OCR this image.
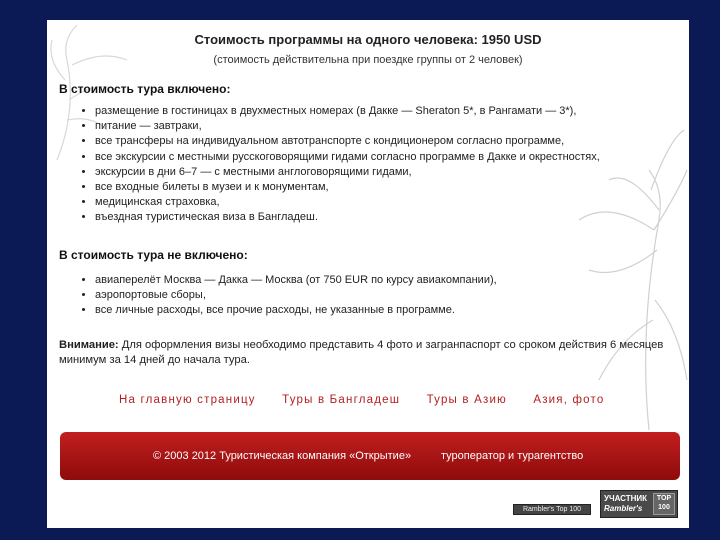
Стоимость программы на одного человека: 1950 USD
(стоимость действительна при поездке группы от 2 человек)
В стоимость тура включено:
• размещение в гостиницах в двухместных номерах (в Дакке — Sheraton 5*, в Рангамати — 3*),
• питание — завтраки,
• все трансферы на индивидуальном автотранспорте с кондиционером согласно программе,
• все экскурсии с местными русскоговорящими гидами согласно программе в Дакке и окрестностях,
• экскурсии в дни 6–7 — с местными англоговорящими гидами,
• все входные билеты в музеи и к монументам,
• медицинская страховка,
• въездная туристическая виза в Бангладеш.
В стоимость тура не включено:
• авиаперелёт Москва — Дакка — Москва (от 750 EUR по курсу авиакомпании),
• аэропортовые сборы,
• все личные расходы, все прочие расходы, не указанные в программе.
Внимание: Для оформления визы необходимо представить 4 фото и загранпаспорт со сроком действия 6 месяцев минимум за 14 дней до начала тура.
На главную страницу Туры в Бангладеш Туры в Азию Азия, фото
© 2003 2012 Туристическая компания «Открытие»	туроператор и турагентство
Rambler's Top 100
УЧАСТНИК
Rambler's
TOP 100
